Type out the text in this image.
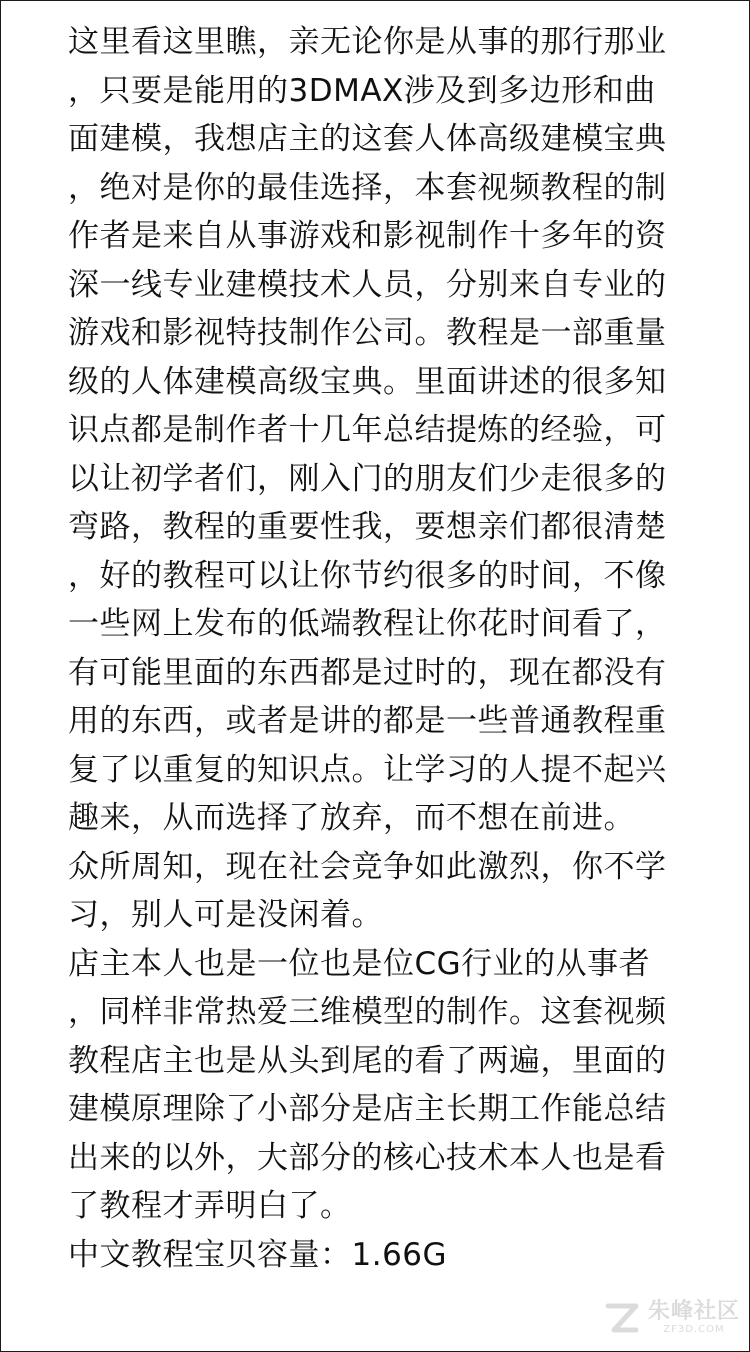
这里看这里瞧，亲无论你是从事的那行那业
，只要是能用的3DMAX涉及到多边形和曲
面建模，我想店主的这套人体高级建模宝典
，绝对是你的最佳选择，本套视频教程的制
作者是来自从事游戏和影视制作十多年的资
深一线专业建模技术人员，分别来自专业的
游戏和影视特技制作公司。教程是一部重量
级的人体建模高级宝典。里面讲述的很多知
识点都是制作者十几年总结提炼的经验，可
以让初学者们，刚入门的朋友们少走很多的
弯路，教程的重要性我，要想亲们都很清楚
，好的教程可以让你节约很多的时间，不像
一些网上发布的低端教程让你花时间看了，
有可能里面的东西都是过时的，现在都没有
用的东西，或者是讲的都是一些普通教程重
复了以重复的知识点。让学习的人提不起兴
趣来，从而选择了放弃，而不想在前进。
众所周知，现在社会竞争如此激烈，你不学
习，别人可是没闲着。
店主本人也是一位也是位CG行业的从事者
，同样非常热爱三维模型的制作。这套视频
教程店主也是从头到尾的看了两遍，里面的
建模原理除了小部分是店主长期工作能总结
出来的以外，大部分的核心技术本人也是看
了教程才弄明白了。
中文教程宝贝容量：1.66G
朱峰社区
ZF3D.COM
